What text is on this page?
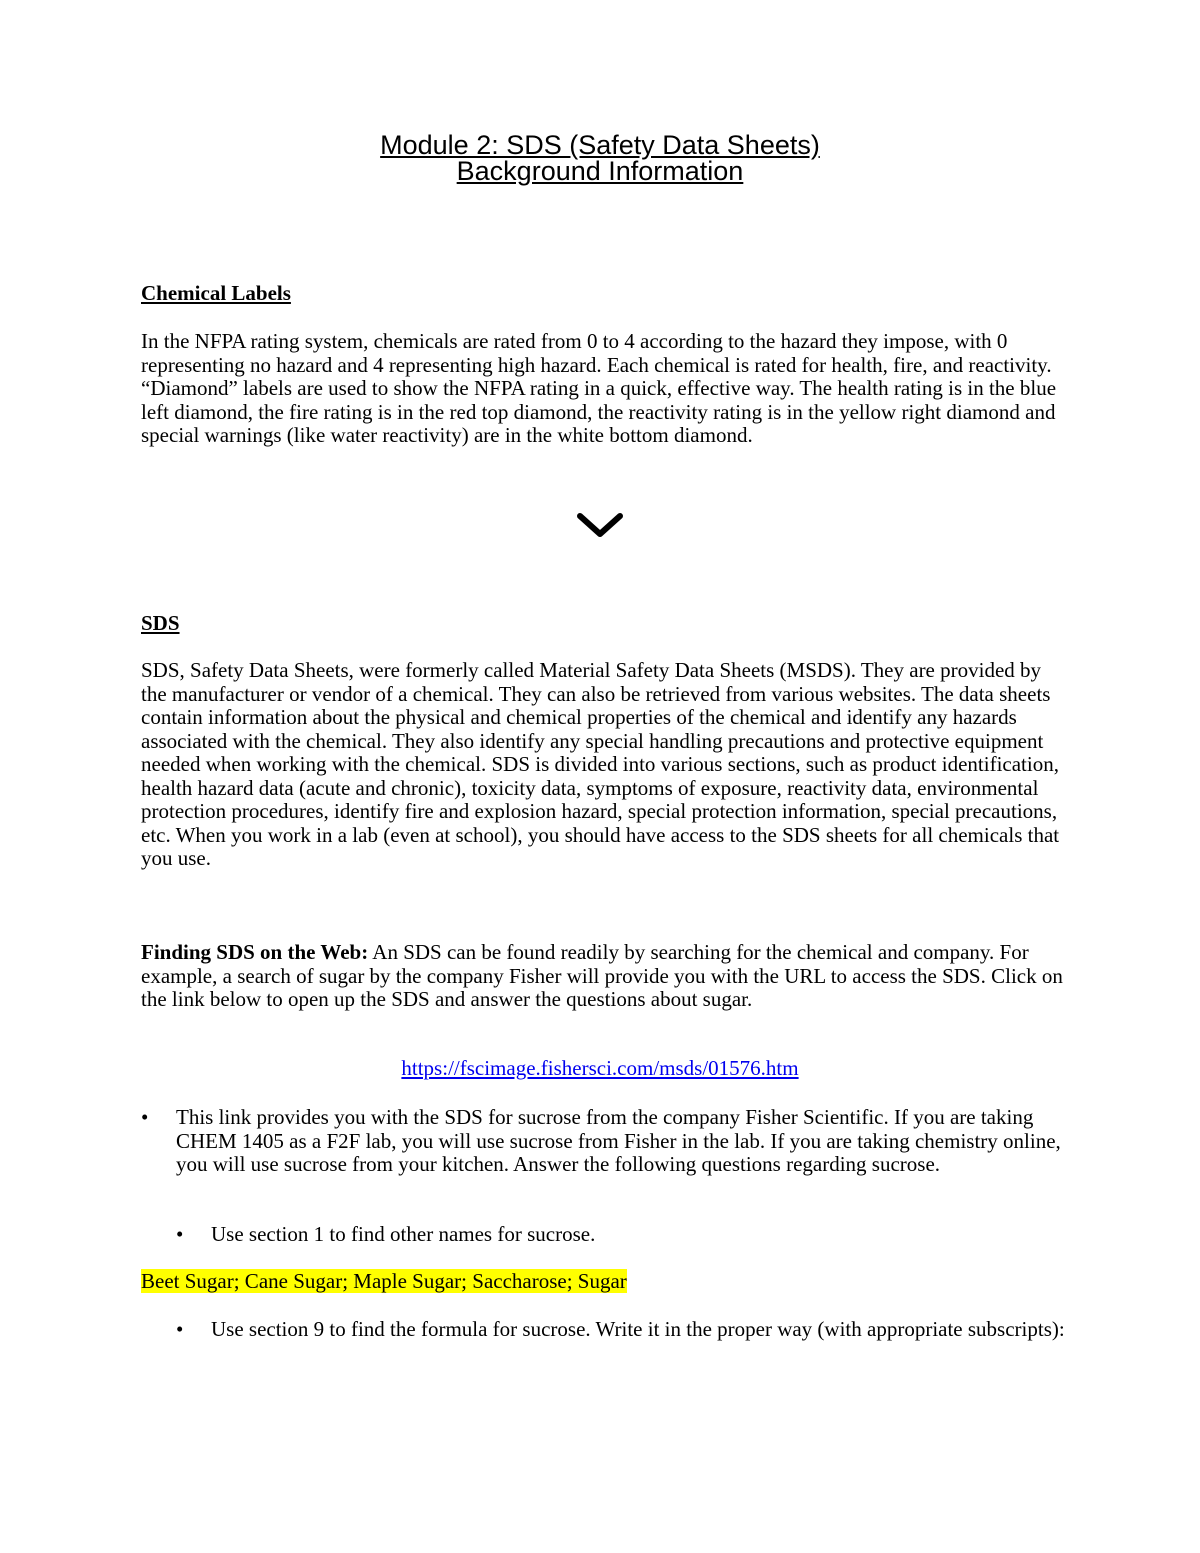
Module 2: SDS (Safety Data Sheets)
Background Information
Chemical Labels
In the NFPA rating system, chemicals are rated from 0 to 4 according to the hazard they impose, with 0 representing no hazard and 4 representing high hazard. Each chemical is rated for health, fire, and reactivity. “Diamond” labels are used to show the NFPA rating in a quick, effective way. The health rating is in the blue left diamond, the fire rating is in the red top diamond, the reactivity rating is in the yellow right diamond and special warnings (like water reactivity) are in the white bottom diamond.
SDS
SDS, Safety Data Sheets, were formerly called Material Safety Data Sheets (MSDS). They are provided by the manufacturer or vendor of a chemical. They can also be retrieved from various websites. The data sheets contain information about the physical and chemical properties of the chemical and identify any hazards associated with the chemical. They also identify any special handling precautions and protective equipment needed when working with the chemical. SDS is divided into various sections, such as product identification, health hazard data (acute and chronic), toxicity data, symptoms of exposure, reactivity data, environmental protection procedures, identify fire and explosion hazard, special protection information, special precautions, etc. When you work in a lab (even at school), you should have access to the SDS sheets for all chemicals that you use.
Finding SDS on the Web: An SDS can be found readily by searching for the chemical and company. For example, a search of sugar by the company Fisher will provide you with the URL to access the SDS. Click on the link below to open up the SDS and answer the questions about sugar.
https://fscimage.fishersci.com/msds/01576.htm
• This link provides you with the SDS for sucrose from the company Fisher Scientific. If you are taking CHEM 1405 as a F2F lab, you will use sucrose from Fisher in the lab. If you are taking chemistry online, you will use sucrose from your kitchen. Answer the following questions regarding sucrose.
• Use section 1 to find other names for sucrose.
Beet Sugar; Cane Sugar; Maple Sugar; Saccharose; Sugar
• Use section 9 to find the formula for sucrose. Write it in the proper way (with appropriate subscripts):
